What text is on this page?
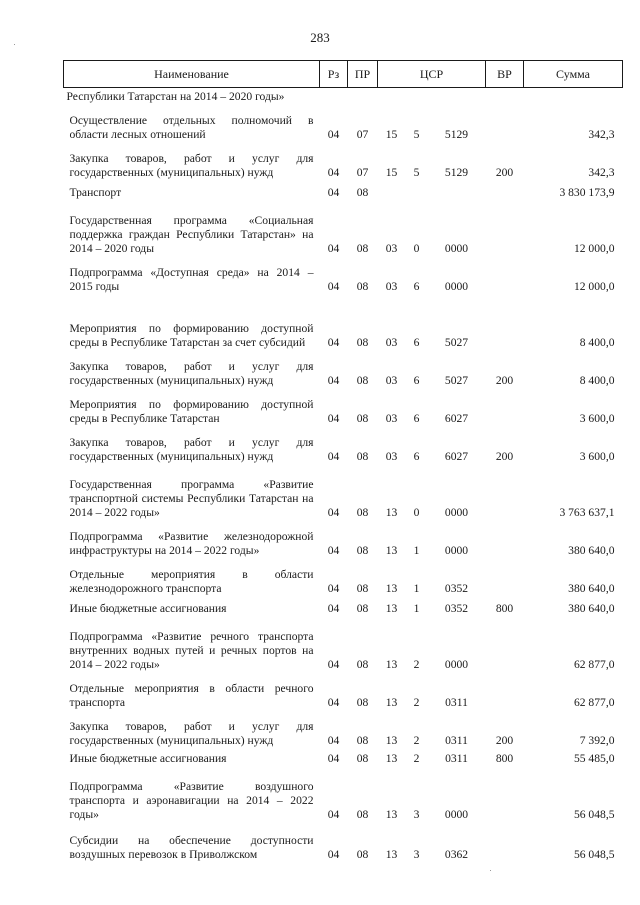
283
Наименование	Рз	ПР	ЦСР			ВР	Сумма
Республики Татарстан на 2014 – 2020 годы»							
Осуществление отдельных полномочий в области лесных отношений	04	07	15	5	5129		342,3
Закупка товаров, работ и услуг для государственных (муниципальных) нужд	04	07	15	5	5129	200	342,3
Транспорт	04	08					3 830 173,9
Государственная программа «Социальная поддержка граждан Республики Татарстан» на 2014 – 2020 годы	04	08	03	0	0000		12 000,0
Подпрограмма «Доступная среда» на 2014 – 2015 годы	04	08	03	6	0000		12 000,0
Мероприятия по формированию доступной среды в Республике Татарстан за счет субсидий	04	08	03	6	5027		8 400,0
Закупка товаров, работ и услуг для государственных (муниципальных) нужд	04	08	03	6	5027	200	8 400,0
Мероприятия по формированию доступной среды в Республике Татарстан	04	08	03	6	6027		3 600,0
Закупка товаров, работ и услуг для государственных (муниципальных) нужд	04	08	03	6	6027	200	3 600,0
Государственная программа «Развитие транспортной системы Республики Татарстан на 2014 – 2022 годы»	04	08	13	0	0000		3 763 637,1
Подпрограмма «Развитие железнодорожной инфраструктуры на 2014 – 2022 годы»	04	08	13	1	0000		380 640,0
Отдельные мероприятия в области железнодорожного транспорта	04	08	13	1	0352		380 640,0
Иные бюджетные ассигнования	04	08	13	1	0352	800	380 640,0
Подпрограмма «Развитие речного транспорта внутренних водных путей и речных портов на 2014 – 2022 годы»	04	08	13	2	0000		62 877,0
Отдельные мероприятия в области речного транспорта	04	08	13	2	0311		62 877,0
Закупка товаров, работ и услуг для государственных (муниципальных) нужд	04	08	13	2	0311	200	7 392,0
Иные бюджетные ассигнования	04	08	13	2	0311	800	55 485,0
Подпрограмма «Развитие воздушного транспорта и аэронавигации на 2014 – 2022 годы»	04	08	13	3	0000		56 048,5
Субсидии на обеспечение доступности воздушных перевозок в Приволжском	04	08	13	3	0362		56 048,5
